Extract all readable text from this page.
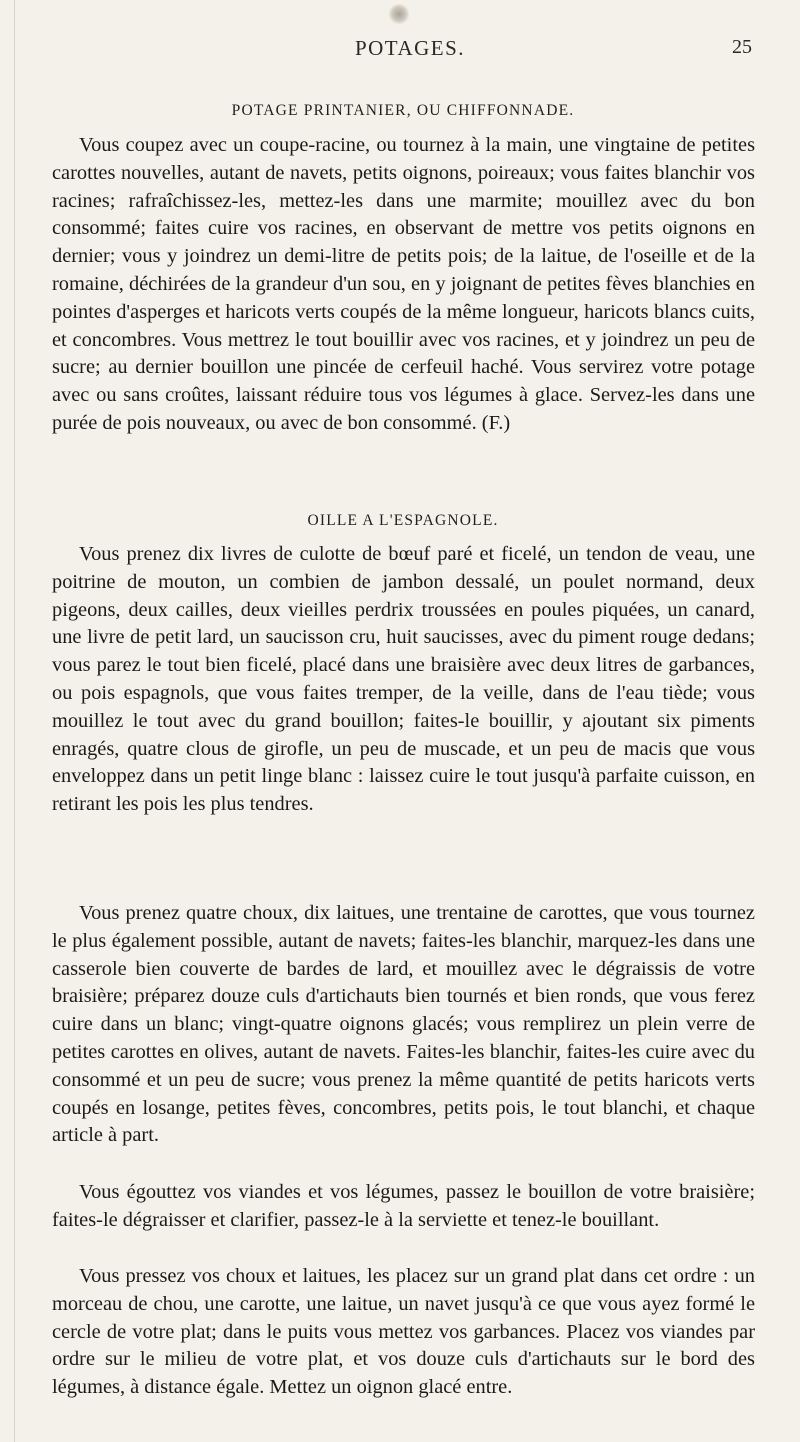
POTAGES.	25
POTAGE PRINTANIER, OU CHIFFONNADE.

Vous coupez avec un coupe-racine, ou tournez à la main, une vingtaine de petites carottes nouvelles, autant de navets, petits oignons, poireaux; vous faites blanchir vos racines; rafraîchissez-les, mettez-les dans une marmite; mouillez avec du bon consommé; faites cuire vos racines, en observant de mettre vos petits oignons en dernier; vous y joindrez un demi-litre de petits pois; de la laitue, de l'oseille et de la romaine, déchirées de la grandeur d'un sou, en y joignant de petites fèves blanchies en pointes d'asperges et haricots verts coupés de la même longueur, haricots blancs cuits, et concombres. Vous mettrez le tout bouillir avec vos racines, et y joindrez un peu de sucre; au dernier bouillon une pincée de cerfeuil haché. Vous servirez votre potage avec ou sans croûtes, laissant réduire tous vos légumes à glace. Servez-les dans une purée de pois nouveaux, ou avec de bon consommé. (F.)

OILLE A L'ESPAGNOLE.

Vous prenez dix livres de culotte de bœuf paré et ficelé, un tendon de veau, une poitrine de mouton, un combien de jambon dessalé, un poulet normand, deux pigeons, deux cailles, deux vieilles perdrix troussées en poules piquées, un canard, une livre de petit lard, un saucisson cru, huit saucisses, avec du piment rouge dedans; vous parez le tout bien ficelé, placé dans une braisière avec deux litres de garbances, ou pois espagnols, que vous faites tremper, de la veille, dans de l'eau tiède; vous mouillez le tout avec du grand bouillon; faites-le bouillir, y ajoutant six piments enragés, quatre clous de girofle, un peu de muscade, et un peu de macis que vous enveloppez dans un petit linge blanc : laissez cuire le tout jusqu'à parfaite cuisson, en retirant les pois les plus tendres.

Vous prenez quatre choux, dix laitues, une trentaine de carottes, que vous tournez le plus également possible, autant de navets; faites-les blanchir, marquez-les dans une casserole bien couverte de bardes de lard, et mouillez avec le dégraissis de votre braisière; préparez douze culs d'artichauts bien tournés et bien ronds, que vous ferez cuire dans un blanc; vingt-quatre oignons glacés; vous remplirez un plein verre de petites carottes en olives, autant de navets. Faites-les blanchir, faites-les cuire avec du consommé et un peu de sucre; vous prenez la même quantité de petits haricots verts coupés en losange, petites fèves, concombres, petits pois, le tout blanchi, et chaque article à part.

Vous égouttez vos viandes et vos légumes, passez le bouillon de votre braisière; faites-le dégraisser et clarifier, passez-le à la serviette et tenez-le bouillant.

Vous pressez vos choux et laitues, les placez sur un grand plat dans cet ordre : un morceau de chou, une carotte, une laitue, un navet jusqu'à ce que vous ayez formé le cercle de votre plat; dans le puits vous mettez vos garbances. Placez vos viandes par ordre sur le milieu de votre plat, et vos douze culs d'artichauts sur le bord des légumes, à distance égale. Mettez un oignon glacé entre.
